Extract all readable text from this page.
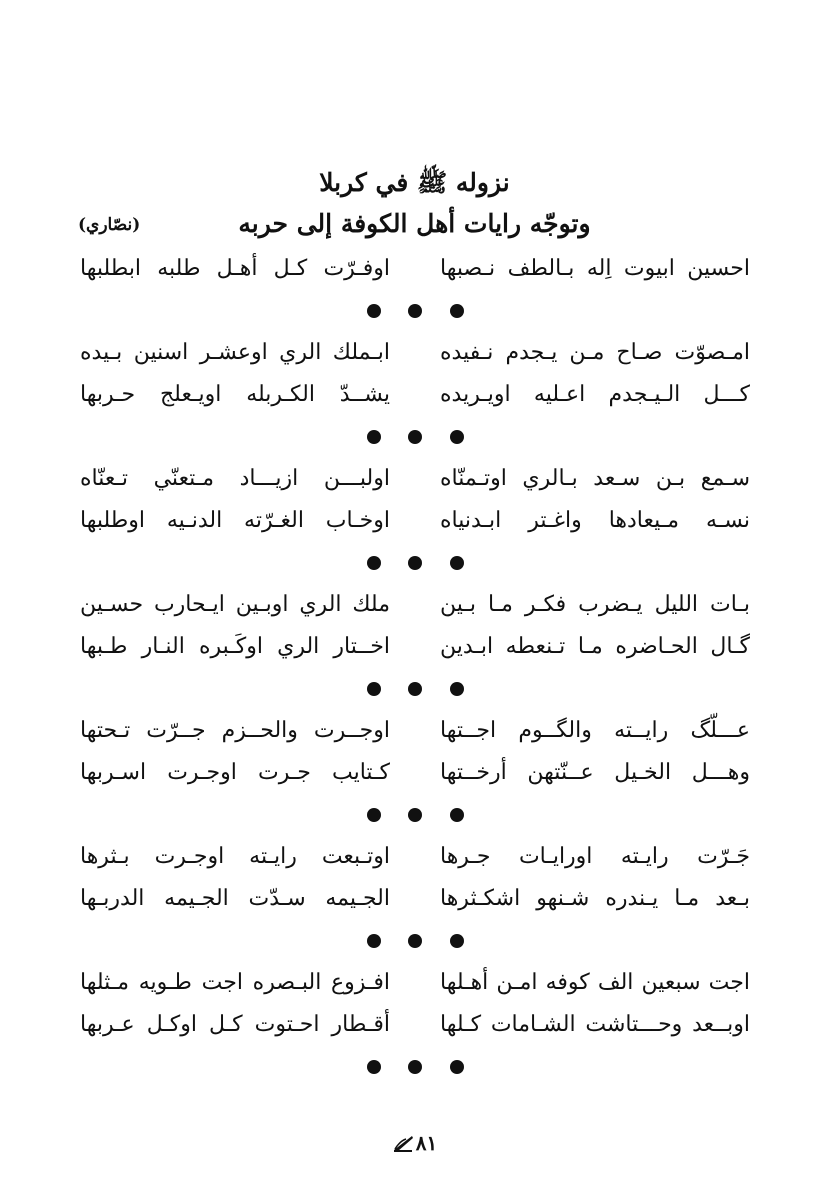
نزوله ﷺ في كربلا
وتوجّه رايات أهل الكوفة إلى حربه
(نصّاري)
احسين ابيوت اِله بـالطف نـصبها
اوفـرّت كـل أهـل طلبه ابطلبها
امـصوّت صـاح مـن يـجدم نـفيده
ابـملك الري اوعشـر اسنين بـيده
كـــل الـيـجدم اعـليه اويـريده
يشــدّ الكـربله اويـعلج حـربها
سـمع بـن سـعد بـالري اوتـمنّاه
اولبـــن ازيـــاد مـتعنّي تـعنّاه
نسـه مـيعادها واغـتر ابـدنياه
اوخـاب الغـرّته الدنـيه اوطلبها
بـات الليل يـضرب فكـر مـا بـين
ملك الري اوبـين ايـحارب حسـين
گـال الحـاضره مـا تـنعطه ابـدين
اخــتار الري اوكَـبره النـار طـبها
عـــلّگ رايــته والگــوم اجــتها
اوجــرت والحــزم جــرّت تـحتها
وهـــل الخـيل عــنّتهن أرخــتها
كـتايب جـرت اوجـرت اسـربها
جَـرّت رايـته اورايـات جـرها
اوتـبعت رايـته اوجـرت بـثرها
بـعد مـا يـندره شـنهو اشكـثرها
الجـيمه سـدّت الجـيمه الدربـها
اجت سبعين الف كوفه امـن أهـلها
افـزوع البـصره اجت طـويه مـثلها
اوبــعد وحـــتاشت الشـامات كـلها
أقـطار احـتوت كـل اوكـل عـربها
٨١
